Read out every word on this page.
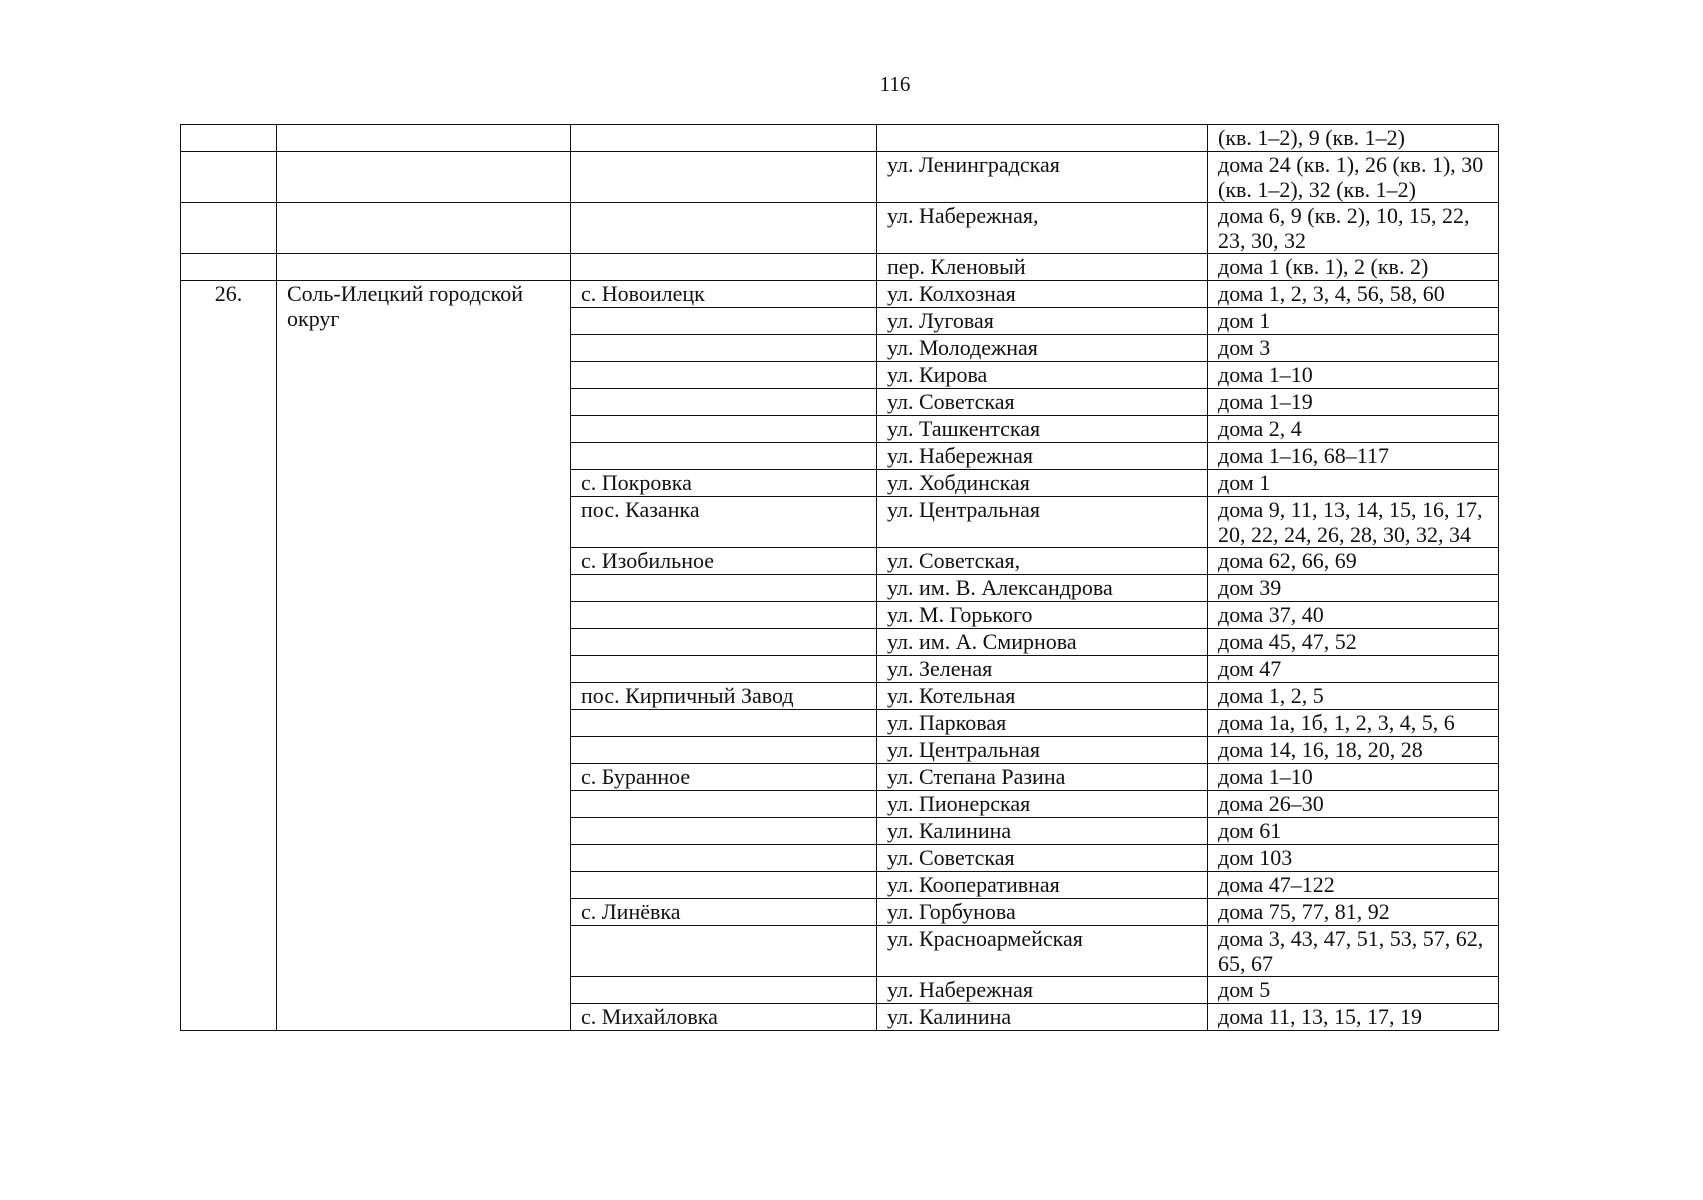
116
				(кв. 1–2), 9 (кв. 1–2)
			ул. Ленинградская	дома 24 (кв. 1), 26 (кв. 1), 30 (кв. 1–2), 32 (кв. 1–2)
			ул. Набережная,	дома 6, 9 (кв. 2), 10, 15, 22, 23, 30, 32
			пер. Кленовый	дома 1 (кв. 1), 2 (кв. 2)
26.	Соль-Илецкий городской округ	с. Новоилецк	ул. Колхозная	дома 1, 2, 3, 4, 56, 58, 60
			ул. Луговая	дом 1
			ул. Молодежная	дом 3
			ул. Кирова	дома 1–10
			ул. Советская	дома 1–19
			ул. Ташкентская	дома 2, 4
			ул. Набережная	дома 1–16, 68–117
		с. Покровка	ул. Хобдинская	дом 1
		пос. Казанка	ул. Центральная	дома 9, 11, 13, 14, 15, 16, 17, 20, 22, 24, 26, 28, 30, 32, 34
		с. Изобильное	ул. Советская,	дома 62, 66, 69
			ул. им. В. Александрова	дом 39
			ул. М. Горького	дома 37, 40
			ул. им. А. Смирнова	дома 45, 47, 52
			ул. Зеленая	дом 47
		пос. Кирпичный Завод	ул. Котельная	дома 1, 2, 5
			ул. Парковая	дома 1а, 1б, 1, 2, 3, 4, 5, 6
			ул. Центральная	дома 14, 16, 18, 20, 28
		с. Буранное	ул. Степана Разина	дома 1–10
			ул. Пионерская	дома 26–30
			ул. Калинина	дом 61
			ул. Советская	дом 103
			ул. Кооперативная	дома 47–122
		с. Линёвка	ул. Горбунова	дома 75, 77, 81, 92
			ул. Красноармейская	дома 3, 43, 47, 51, 53, 57, 62, 65, 67
			ул. Набережная	дом 5
		с. Михайловка	ул. Калинина	дома 11, 13, 15, 17, 19
